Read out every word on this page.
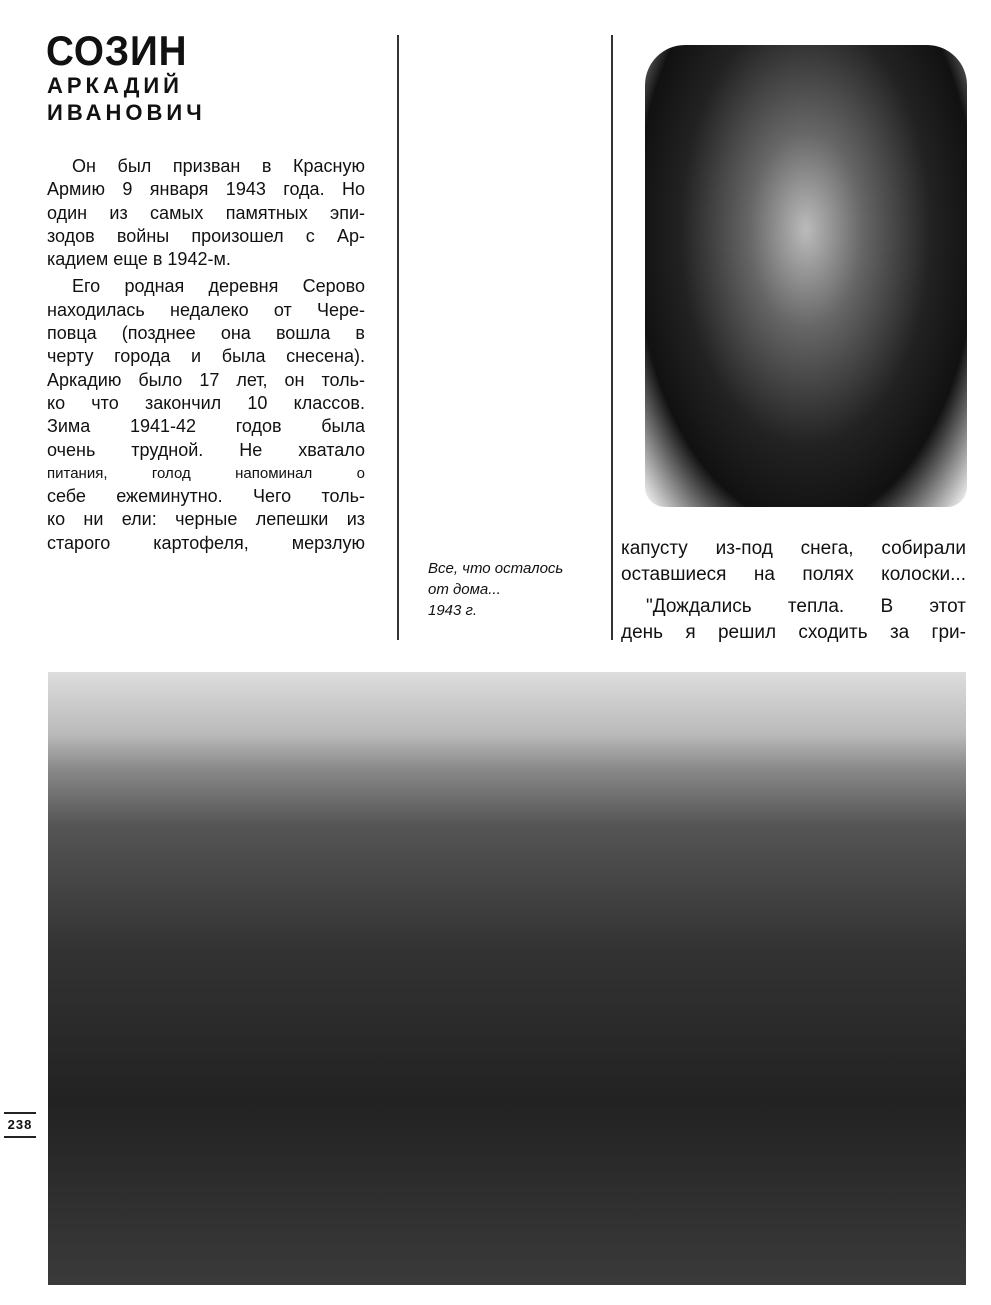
СОЗИН
АРКАДИЙ
ИВАНОВИЧ
Он был призван в Красную
Армию 9 января 1943 года. Но
один из самых памятных эпи-
зодов войны произошел с Ар-
кадием еще в 1942-м.
Его родная деревня Серово
находилась недалеко от Чере-
повца (позднее она вошла в
черту города и была снесена).
Аркадию было 17 лет, он толь-
ко что закончил 10 классов.
Зима 1941-42 годов была
очень трудной. Не хватало
питания, голод напоминал о
себе ежеминутно. Чего толь-
ко ни ели: черные лепешки из
старого картофеля, мерзлую
Все, что осталось
от дома...
1943 г.
капусту из-под снега, собирали
оставшиеся на полях колоски...
"Дождались тепла. В этот
день я решил сходить за гри-
238
